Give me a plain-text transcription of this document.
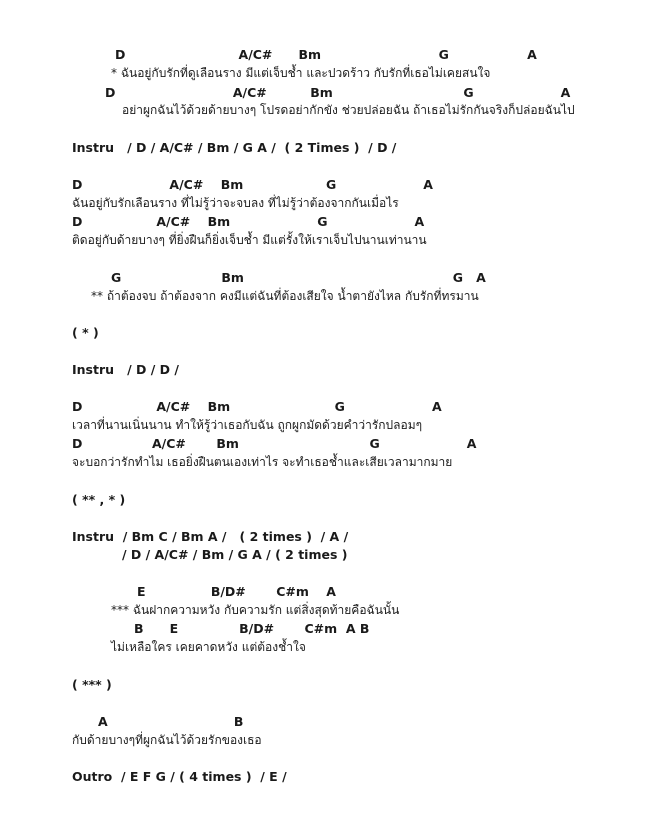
D                          A/C#      Bm                           G                  A
* ฉันอยู่กับรักที่ดูเลือนราง มีแต่เจ็บช้ำ และปวดร้าว กับรักที่เธอไม่เคยสนใจ
D                           A/C#          Bm                              G                    A
อย่าผูกฉันไว้ด้วยด้ายบางๆ โปรดอย่ากักขัง ช่วยปล่อยฉัน ถ้าเธอไม่รักกันจริงก็ปล่อยฉันไป
Instru   / D / A/C# / Bm / G A /  ( 2 Times )  / D /
D                    A/C#    Bm                   G                    A
ฉันอยู่กับรักเลือนราง ที่ไม่รู้ว่าจะจบลง ที่ไม่รู้ว่าต้องจากกันเมื่อไร
D                 A/C#    Bm                    G                    A
ติดอยู่กับด้ายบางๆ ที่ยิ่งฝืนก็ยิ่งเจ็บช้ำ มีแต่รั้งให้เราเจ็บไปนานเท่านาน
G                       Bm                                                G   A
** ถ้าต้องจบ ถ้าต้องจาก คงมีแต่ฉันที่ต้องเสียใจ น้ำตายังไหล กับรักที่ทรมาน
( * )
Instru   / D / D /
D                 A/C#    Bm                        G                    A
เวลาที่นานเนิ่นนาน ทำให้รู้ว่าเธอกับฉัน ถูกผูกมัดด้วยคำว่ารักปลอมๆ
D                A/C#       Bm                              G                    A
จะบอกว่ารักทำไม เธอยิ่งฝืนตนเองเท่าไร จะทำเธอช้ำและเสียเวลามากมาย
( ** , * )
Instru  / Bm C / Bm A /   ( 2 times )  / A /
/ D / A/C# / Bm / G A / ( 2 times )
E               B/D#       C#m    A
*** ฉันฝากความหวัง กับความรัก แต่สิ่งสุดท้ายคือฉันนั้น
B      E              B/D#       C#m  A B
ไม่เหลือใคร เคยคาดหวัง แต่ต้องช้ำใจ
( *** )
A                             B
กับด้ายบางๆที่ผูกฉันไว้ด้วยรักของเธอ
Outro  / E F G / ( 4 times )  / E /
